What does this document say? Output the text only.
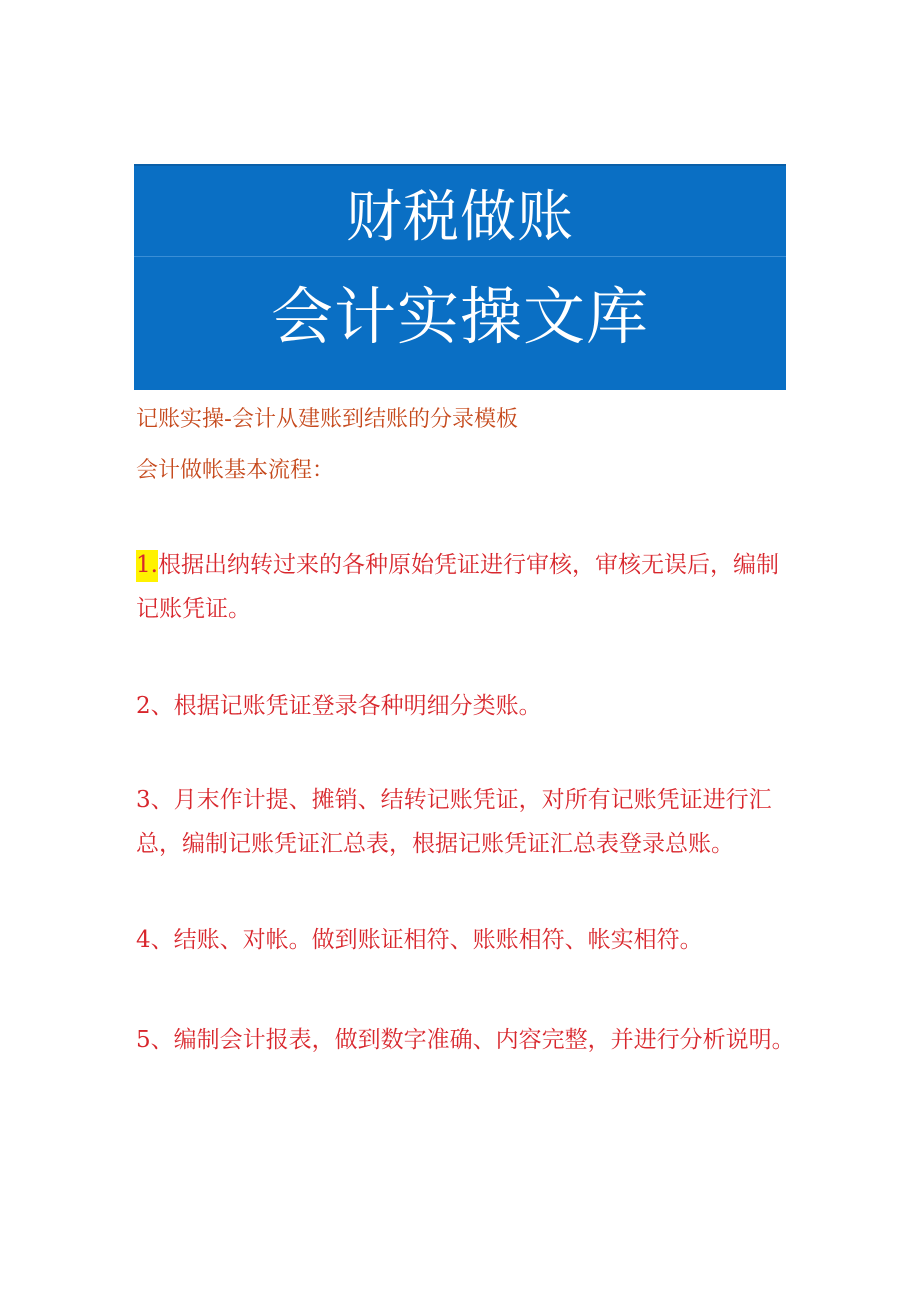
财税做账
会计实操文库
记账实操-会计从建账到结账的分录模板
会计做帐基本流程：
1.根据出纳转过来的各种原始凭证进行审核，审核无误后，编制记账凭证。
2、根据记账凭证登录各种明细分类账。
3、月末作计提、摊销、结转记账凭证，对所有记账凭证进行汇总，编制记账凭证汇总表，根据记账凭证汇总表登录总账。
4、结账、对帐。做到账证相符、账账相符、帐实相符。
5、编制会计报表，做到数字准确、内容完整，并进行分析说明。
